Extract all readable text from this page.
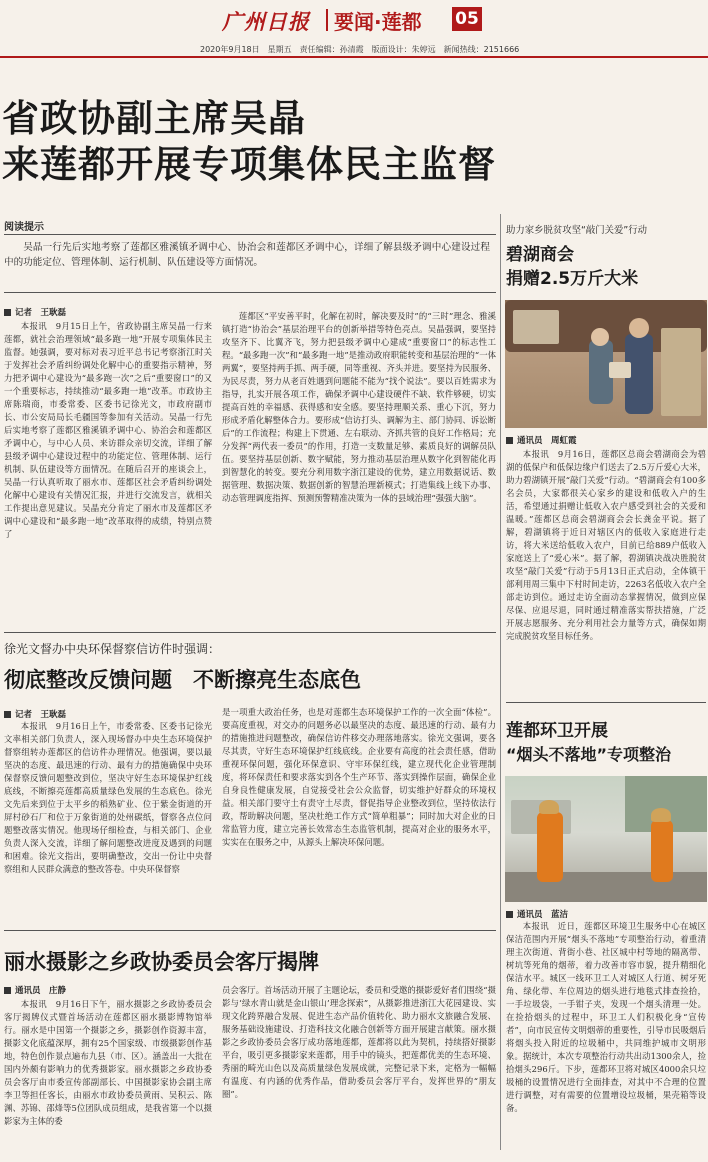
广州日报	要闻·莲都 05
2020年9月18日　星期五　责任编辑：孙清霞　版面设计：朱婷远　新闻热线：2151666
省政协副主席吴晶
来莲都开展专项集体民主监督
阅读提示
吴晶一行先后实地考察了莲都区雅溪镇矛调中心、协治会和莲都区矛调中心，详细了解县级矛调中心建设过程中的功能定位、管理体制、运行机制、队伍建设等方面情况。
记者　王耿磊
本报讯　9月15日上午，省政协副主席吴晶一行来莲都，就社会治理领域“最多跑一地”开展专项集体民主监督。她强调，要对标对表习近平总书记考察浙江时关于发挥社会矛盾纠纷调处化解中心的重要指示精神，努力把矛调中心建设为“最多跑一次”之后“重要窗口”的又一个重要标志，持续推动“最多跑一地”改革。市政协主席陈瑞商，市委常委、区委书记徐光文，市政府副市长、市公安局局长毛疆国等参加有关活动。吴晶一行先后实地考察了莲都区雅溪镇矛调中心、协治会和莲都区矛调中心，与中心人员、来访群众亲切交流，详细了解县级矛调中心建设过程中的功能定位、管理体制、运行机制、队伍建设等方面情况。在随后召开的座谈会上，吴晶一行认真听取了丽水市、莲都区社会矛盾纠纷调处化解中心建设有关情况汇报，并进行交流发言，就相关工作提出意见建议。吴晶充分肯定了丽水市及莲都区矛调中心建设和“最多跑一地”改革取得的成绩，特别点赞了
莲都区“平安善平时，化解在初时，解决要及时”的“三时”理念、雅溪镇打造“协治会”基层治理平台的创新举措等特色亮点。吴晶强调，要坚持攻坚齐下、比翼齐飞，努力把县级矛调中心建成“重要窗口”的标志性工程。“最多跑一次”和“最多跑一地”是推动政府职能转变和基层治理的“一体两翼”，要坚持两手抓、两手硬，同等重视、齐头并进。要坚持为民服务、为民尽责，努力从老百姓遇到问题能不能为“找个说法”。要以百姓需求为指导，扎实开展各项工作，确保矛调中心建设硬件不缺、软件够硬，切实提高百姓的幸福感、获得感和安全感。要坚持理顺关系、重心下沉，努力形成矛盾化解整体合力。要形成“信访打头、调解为主、部门协同、诉讼断后”的工作流程；构建上下贯通、左右联动、齐抓共管的良好工作格局；充分发挥“两代表一委员”的作用，打造一支数量足够、素质良好的调解员队伍。要坚持基层创新、数字赋能，努力推动基层治理从数字化到智能化再到智慧化的转变。要充分利用数字浙江建设的优势，建立用数据说话、数据管理、数据决策、数据创新的智慧治理新模式；打造集线上线下办事、动态管理调度指挥、预测预警精准决策为一体的县域治理“强强大脑”。
徐光文督办中央环保督察信访件时强调：
彻底整改反馈问题　不断擦亮生态底色
记者　王耿磊
本报讯　9月16日上午，市委常委、区委书记徐光文率相关部门负责人，深入现场督办中央生态环境保护督察组转办莲都区的信访件办理情况。他强调，要以最坚决的态度、最迅速的行动、最有力的措施确保中央环保督察反馈问题整改到位，坚决守好生态环境保护红线底线，不断擦亮莲都高质量绿色发展的生态底色。徐光文先后来到位于太平乡的稻熟矿业、位于紫金街道的开屏村砂石厂和位于万象街道的处州碳纸，督察各点位问题整改落实情况。他现场仔细检查，与相关部门、企业负责人深入交流，详细了解问题整改进度及遇到的问题和困难。徐光文指出，要明确整改，交出一份让中央督察组和人民群众满意的整改答卷。中央环保督察
是一项重大政治任务，也是对莲都生态环境保护工作的一次全面“体检”。要高度重视，对交办的问题务必以最坚决的态度、最迅速的行动、最有力的措施推进问题整改，确保信访件移交办理落地落实。徐光文强调，要各尽其责，守好生态环境保护红线底线。企业要有高度的社会责任感，借助重视环保问题，强化环保意识、守牢环保红线，建立现代化企业管理制度，将环保责任和要求落实到各个生产环节、落实到操作层面，确保企业自身良性健康发展，自觉接受社会公众监督，切实维护好群众的环境权益。相关部门要守土有责守土尽责，督促指导企业整改到位，坚持依法行政，帮助解决问题，坚决杜绝工作方式“简单粗暴”；同时加大对企业的日常监管力度，建立完善长效常态生态监管机制，提高对企业的服务水平，实实在在服务之中，从源头上解决环保问题。
丽水摄影之乡政协委员会客厅揭牌
通讯员　庄静
本报讯　9月16日下午，丽水摄影之乡政协委员会客厅揭牌仪式暨首场活动在莲都区丽水摄影博物馆举行。丽水是中国第一个摄影之乡，摄影创作资源丰富，摄影文化底蕴深厚，拥有25个国家级、市级摄影创作基地，特色创作景点遍布九县（市、区）。涵盖出一大批在国内外颇有影响力的优秀摄影家。丽水摄影之乡政协委员会客厅由市委宣传部副部长、中国摄影家协会副主席李卫等担任客长，由丽水市政协委员黄雨、吴积云、陈渊、苏锦、邵烽等5位团队成员组成，是我省第一个以摄影家为主体的委
员会客厅。首场活动开展了主题论坛，委员和受邀的摄影爱好者们围绕“摄影与‘绿水青山就是金山银山’理念探索”，从摄影推进浙江大花园建设、实现文化跨界融合发展、促进生态产品价值转化、助力丽水文旅融合发展、服务基础设施建设、打造科技文化融合创新等方面开展建言献策。丽水摄影之乡政协委员会客厅成功落地莲都，莲都将以此为契机，持续搭好摄影平台，吸引更多摄影家来莲都，用手中的镜头，把莲都优美的生态环境、秀丽的畸光山色以及高质量绿色发展成就，完整记录下来，定格为一幅幅有温度、有内涵的优秀作品，借助委员会客厅平台，发挥世界的“朋友圈”。
助力家乡脱贫攻坚“敲门关爱”行动
碧湖商会
捐赠2.5万斤大米
通讯员　周虹霞
本报讯　9月16日，莲都区总商会碧湖商会为碧湖的低保户和低保边缘户们送去了2.5万斤爱心大米，助力碧湖镇开展“敲门关爱”行动。“碧湖商会有100多名会员，大家都很关心家乡的建设和低收入户的生活，希望通过捐赠让低收入农户感受到社会的关爱和温暖。”莲都区总商会碧湖商会会长龚金平说。据了解，碧湖镇将于近日对辖区内的低收入家庭进行走访，将大米送给低收入农户，目前已给889户低收入家庭送上了“爱心米”。据了解，碧湖镇决战决胜脱贫攻坚“敲门关爱”行动于5月13日正式启动，全体镇干部利用周三集中下村时间走访，2263名低收入农户全部走访到位。通过走访全面动态掌握情况，做到应保尽保、应退尽退，同时通过精准落实帮扶措施，广泛开展志愿服务、充分利用社会力量等方式，确保如期完成脱贫攻坚目标任务。
莲都环卫开展
“烟头不落地”专项整治
通讯员　蓝洁
本报讯　近日，莲都区环境卫生服务中心在城区保洁范围内开展“烟头不落地”专项整治行动，着重清理主次街道、背街小巷、社区城中村等地的隔离带、树坑等死角的烟蒂，着力改善市容市貌，提升精细化保洁水平。城区一线环卫工人对城区人行道、树牙死角、绿化带、车位周边的烟头进行地毯式排查捡拾，一手垃圾袋，一手钳子夹，发现一个烟头清理一处。在捡拾烟头的过程中，环卫工人们积极化身“宣传者”，向市民宣传文明烟蒂的重要性，引导市民吸烟后将烟头投入附近的垃圾桶中，共同维护城市文明形象。据统计，本次专项整治行动共出动1300余人，捡拾烟头296斤。下步，莲都环卫将对城区4000余只垃圾桶的设置情况进行全面排查，对其中不合理的位置进行调整，对有需要的位置增设垃圾桶，果壳箱等设备。
